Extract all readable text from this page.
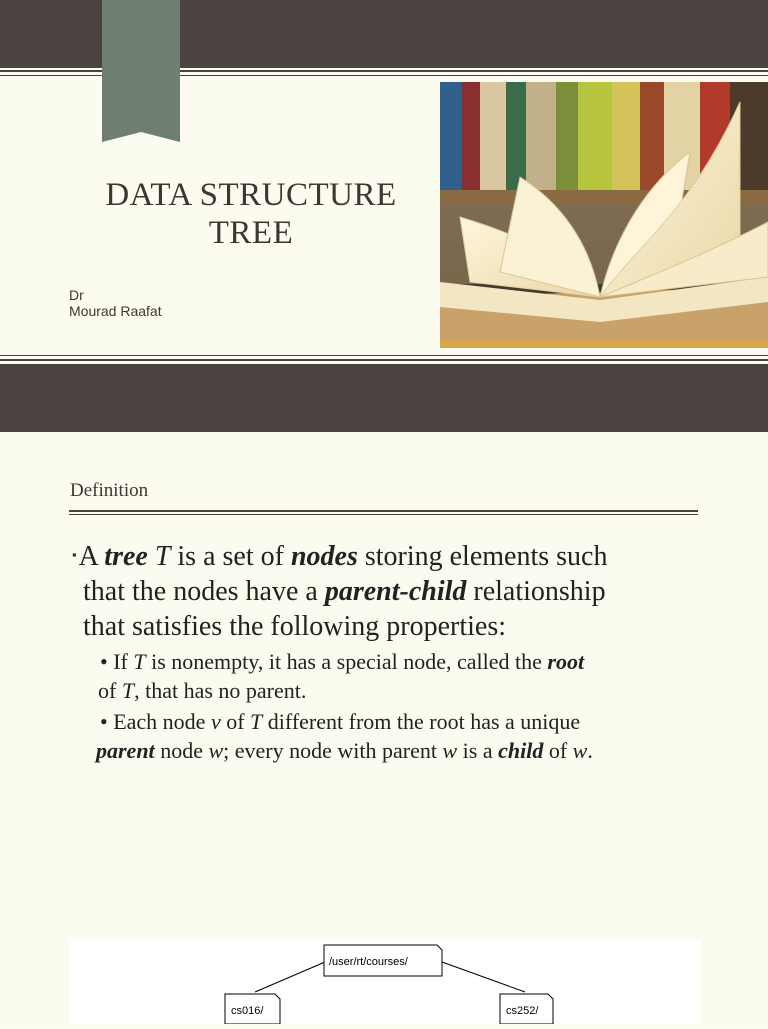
DATA STRUCTURE
TREE
Dr
Mourad Raafat
Definition
▪A tree T is a set of nodes storing elements such
that the nodes have a parent-child relationship
that satisfies the following properties:
• If T is nonempty, it has a special node, called the root
of T, that has no parent.
• Each node v of T different from the root has a unique
parent node w; every node with parent w is a child of w.
/user/rt/courses/
cs016/	cs252/
